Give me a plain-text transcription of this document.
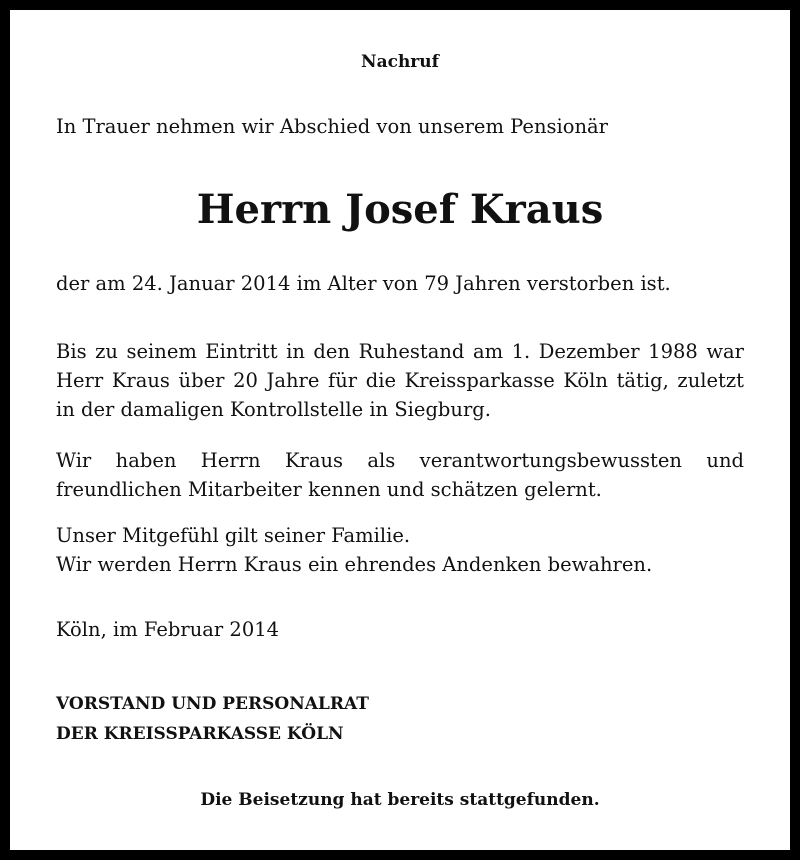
Nachruf
In Trauer nehmen wir Abschied von unserem Pensionär
Herrn Josef Kraus
der am 24. Januar 2014 im Alter von 79 Jahren verstorben ist.
Bis zu seinem Eintritt in den Ruhestand am 1. Dezember 1988 war Herr Kraus über 20 Jahre für die Kreissparkasse Köln tätig, zuletzt in der damaligen Kontrollstelle in Siegburg.
Wir haben Herrn Kraus als verantwortungsbewussten und freundlichen Mitarbeiter kennen und schätzen gelernt.
Unser Mitgefühl gilt seiner Familie.
Wir werden Herrn Kraus ein ehrendes Andenken bewahren.
Köln, im Februar 2014
VORSTAND UND PERSONALRAT
DER KREISSPARKASSE KÖLN
Die Beisetzung hat bereits stattgefunden.
